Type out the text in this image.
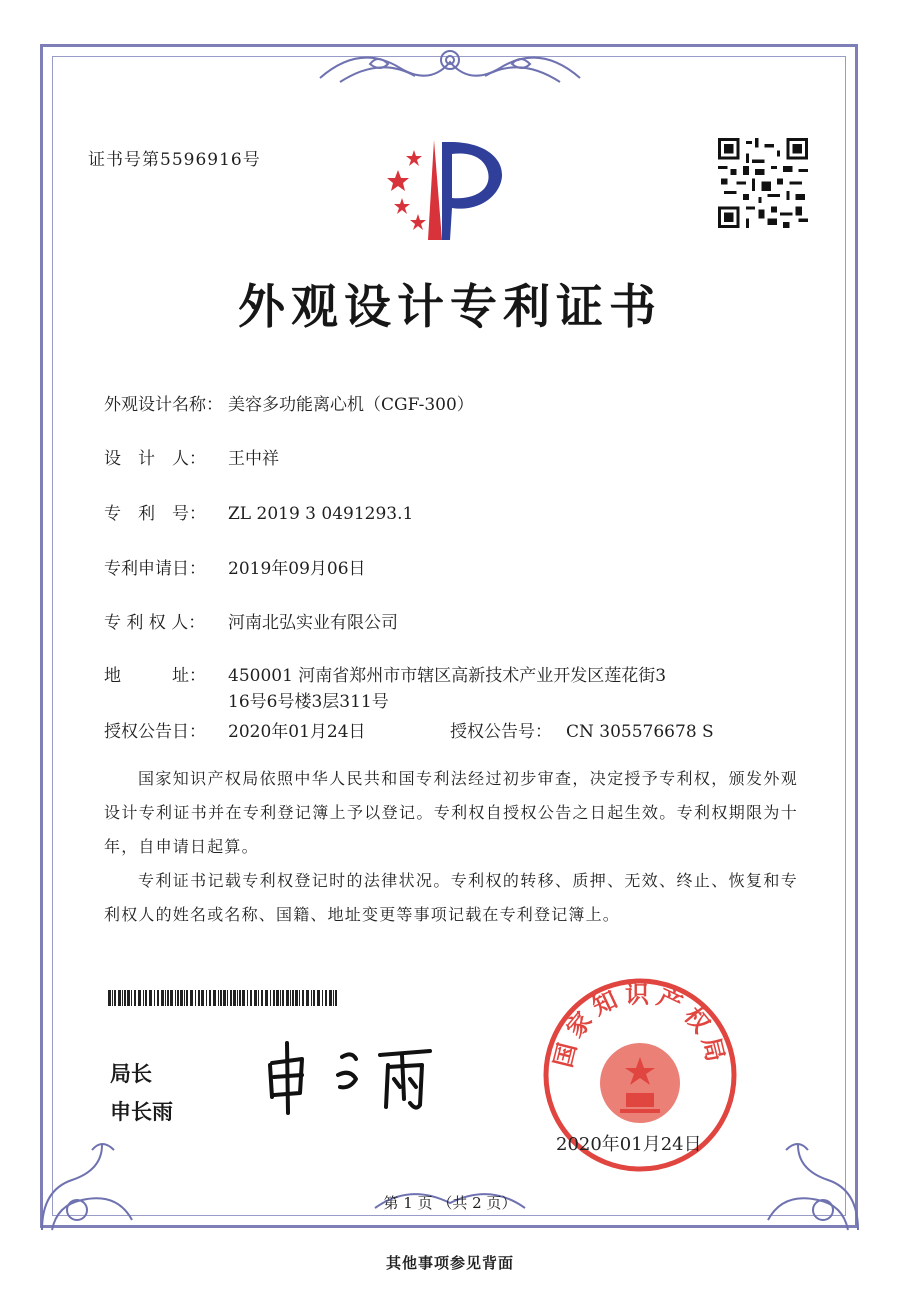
证书号第5596916号
外观设计专利证书
外观设计名称： 美容多功能离心机（CGF-300）
设　计　人： 王中祥
专　利　号： ZL 2019 3 0491293.1
专利申请日： 2019年09月06日
专 利 权 人： 河南北弘实业有限公司
地　　　址： 450001 河南省郑州市市辖区高新技术产业开发区莲花街3
16号6号楼3层311号
授权公告日： 2020年01月24日	授权公告号： CN 305576678 S
国家知识产权局依照中华人民共和国专利法经过初步审查，决定授予专利权，颁发外观设计专利证书并在专利登记簿上予以登记。专利权自授权公告之日起生效。专利权期限为十年，自申请日起算。
专利证书记载专利权登记时的法律状况。专利权的转移、质押、无效、终止、恢复和专利权人的姓名或名称、国籍、地址变更等事项记载在专利登记簿上。
局长
申长雨
国家知识产权局
2020年01月24日
第 1 页 （共 2 页）
其他事项参见背面
